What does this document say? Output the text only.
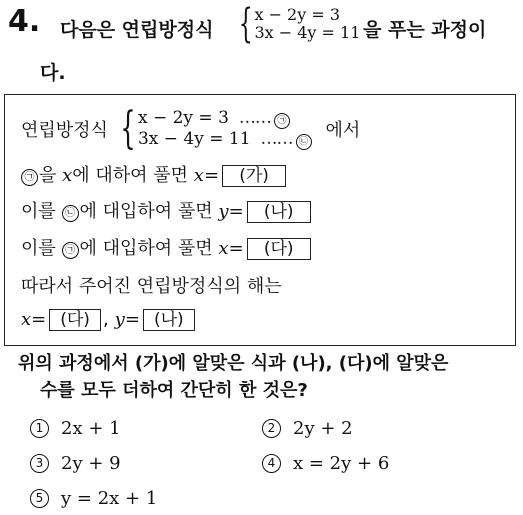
4. 다음은 연립방정식 { x − 2y = 3
3x − 4y = 11 을 푸는 과정이
다.
연립방정식 { x − 2y = 3 …… ㉠
3x − 4y = 11 …… ㉡
에서
㉠ 을 x에 대하여 풀면 x= (가)
이를 ㉡ 에 대입하여 풀면 y= (나)
이를 ㉠ 에 대입하여 풀면 x= (다)
따라서 주어진 연립방정식의 해는
x= (다) , y= (나)
위의 과정에서 (가)에 알맞은 식과 (나), (다)에 알맞은
수를 모두 더하여 간단히 한 것은?
1 2x + 1	2 2y + 2
3 2y + 9	4 x = 2y + 6
5 y = 2x + 1
